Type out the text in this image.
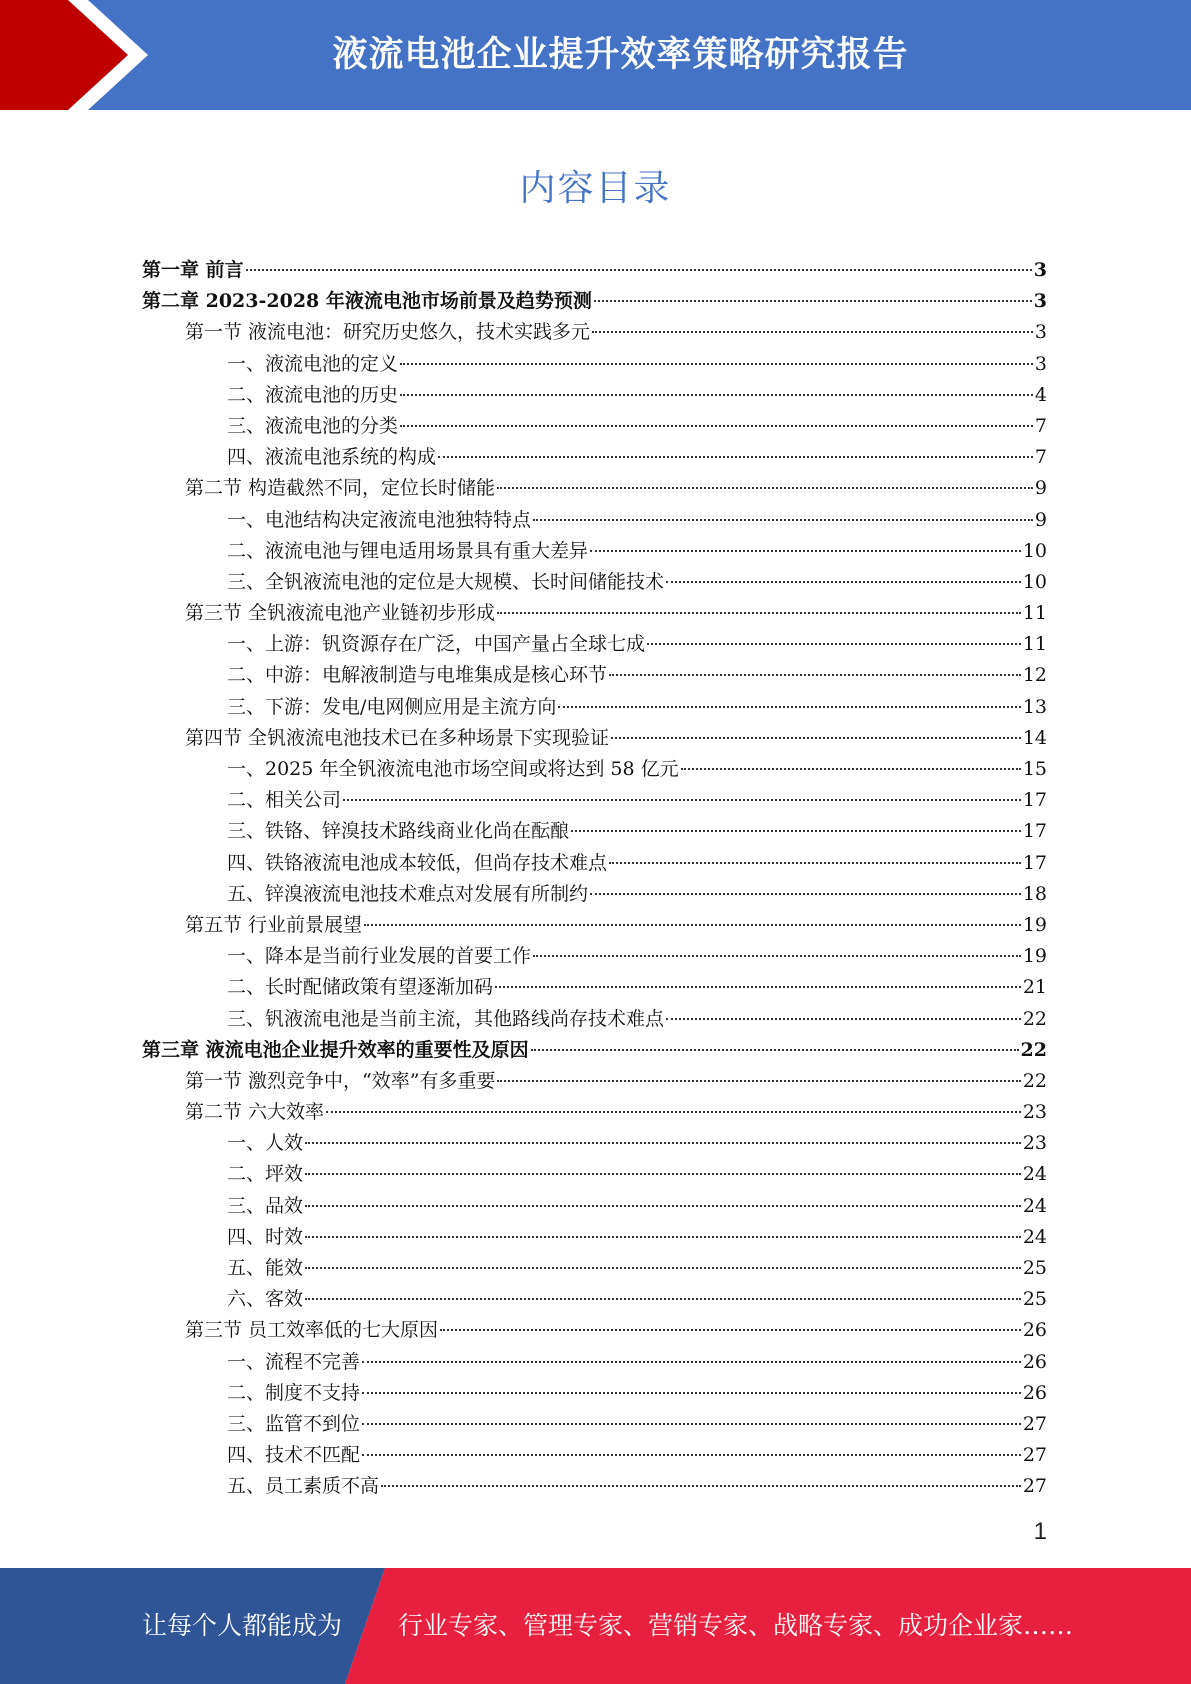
液流电池企业提升效率策略研究报告
内容目录
第一章 前言	3
第二章 2023-2028 年液流电池市场前景及趋势预测	3
第一节 液流电池：研究历史悠久，技术实践多元	3
一、液流电池的定义	3
二、液流电池的历史	4
三、液流电池的分类	7
四、液流电池系统的构成	7
第二节 构造截然不同，定位长时储能	9
一、电池结构决定液流电池独特特点	9
二、液流电池与锂电适用场景具有重大差异	10
三、全钒液流电池的定位是大规模、长时间储能技术	10
第三节 全钒液流电池产业链初步形成	11
一、上游：钒资源存在广泛，中国产量占全球七成	11
二、中游：电解液制造与电堆集成是核心环节	12
三、下游：发电/电网侧应用是主流方向	13
第四节 全钒液流电池技术已在多种场景下实现验证	14
一、2025 年全钒液流电池市场空间或将达到 58 亿元	15
二、相关公司	17
三、铁铬、锌溴技术路线商业化尚在酝酿	17
四、铁铬液流电池成本较低，但尚存技术难点	17
五、锌溴液流电池技术难点对发展有所制约	18
第五节 行业前景展望	19
一、降本是当前行业发展的首要工作	19
二、长时配储政策有望逐渐加码	21
三、钒液流电池是当前主流，其他路线尚存技术难点	22
第三章 液流电池企业提升效率的重要性及原因	22
第一节 激烈竞争中，“效率”有多重要	22
第二节 六大效率	23
一、人效	23
二、坪效	24
三、品效	24
四、时效	24
五、能效	25
六、客效	25
第三节 员工效率低的七大原因	26
一、流程不完善	26
二、制度不支持	26
三、监管不到位	27
四、技术不匹配	27
五、员工素质不高	27
1
让每个人都能成为 行业专家、管理专家、营销专家、战略专家、成功企业家……
